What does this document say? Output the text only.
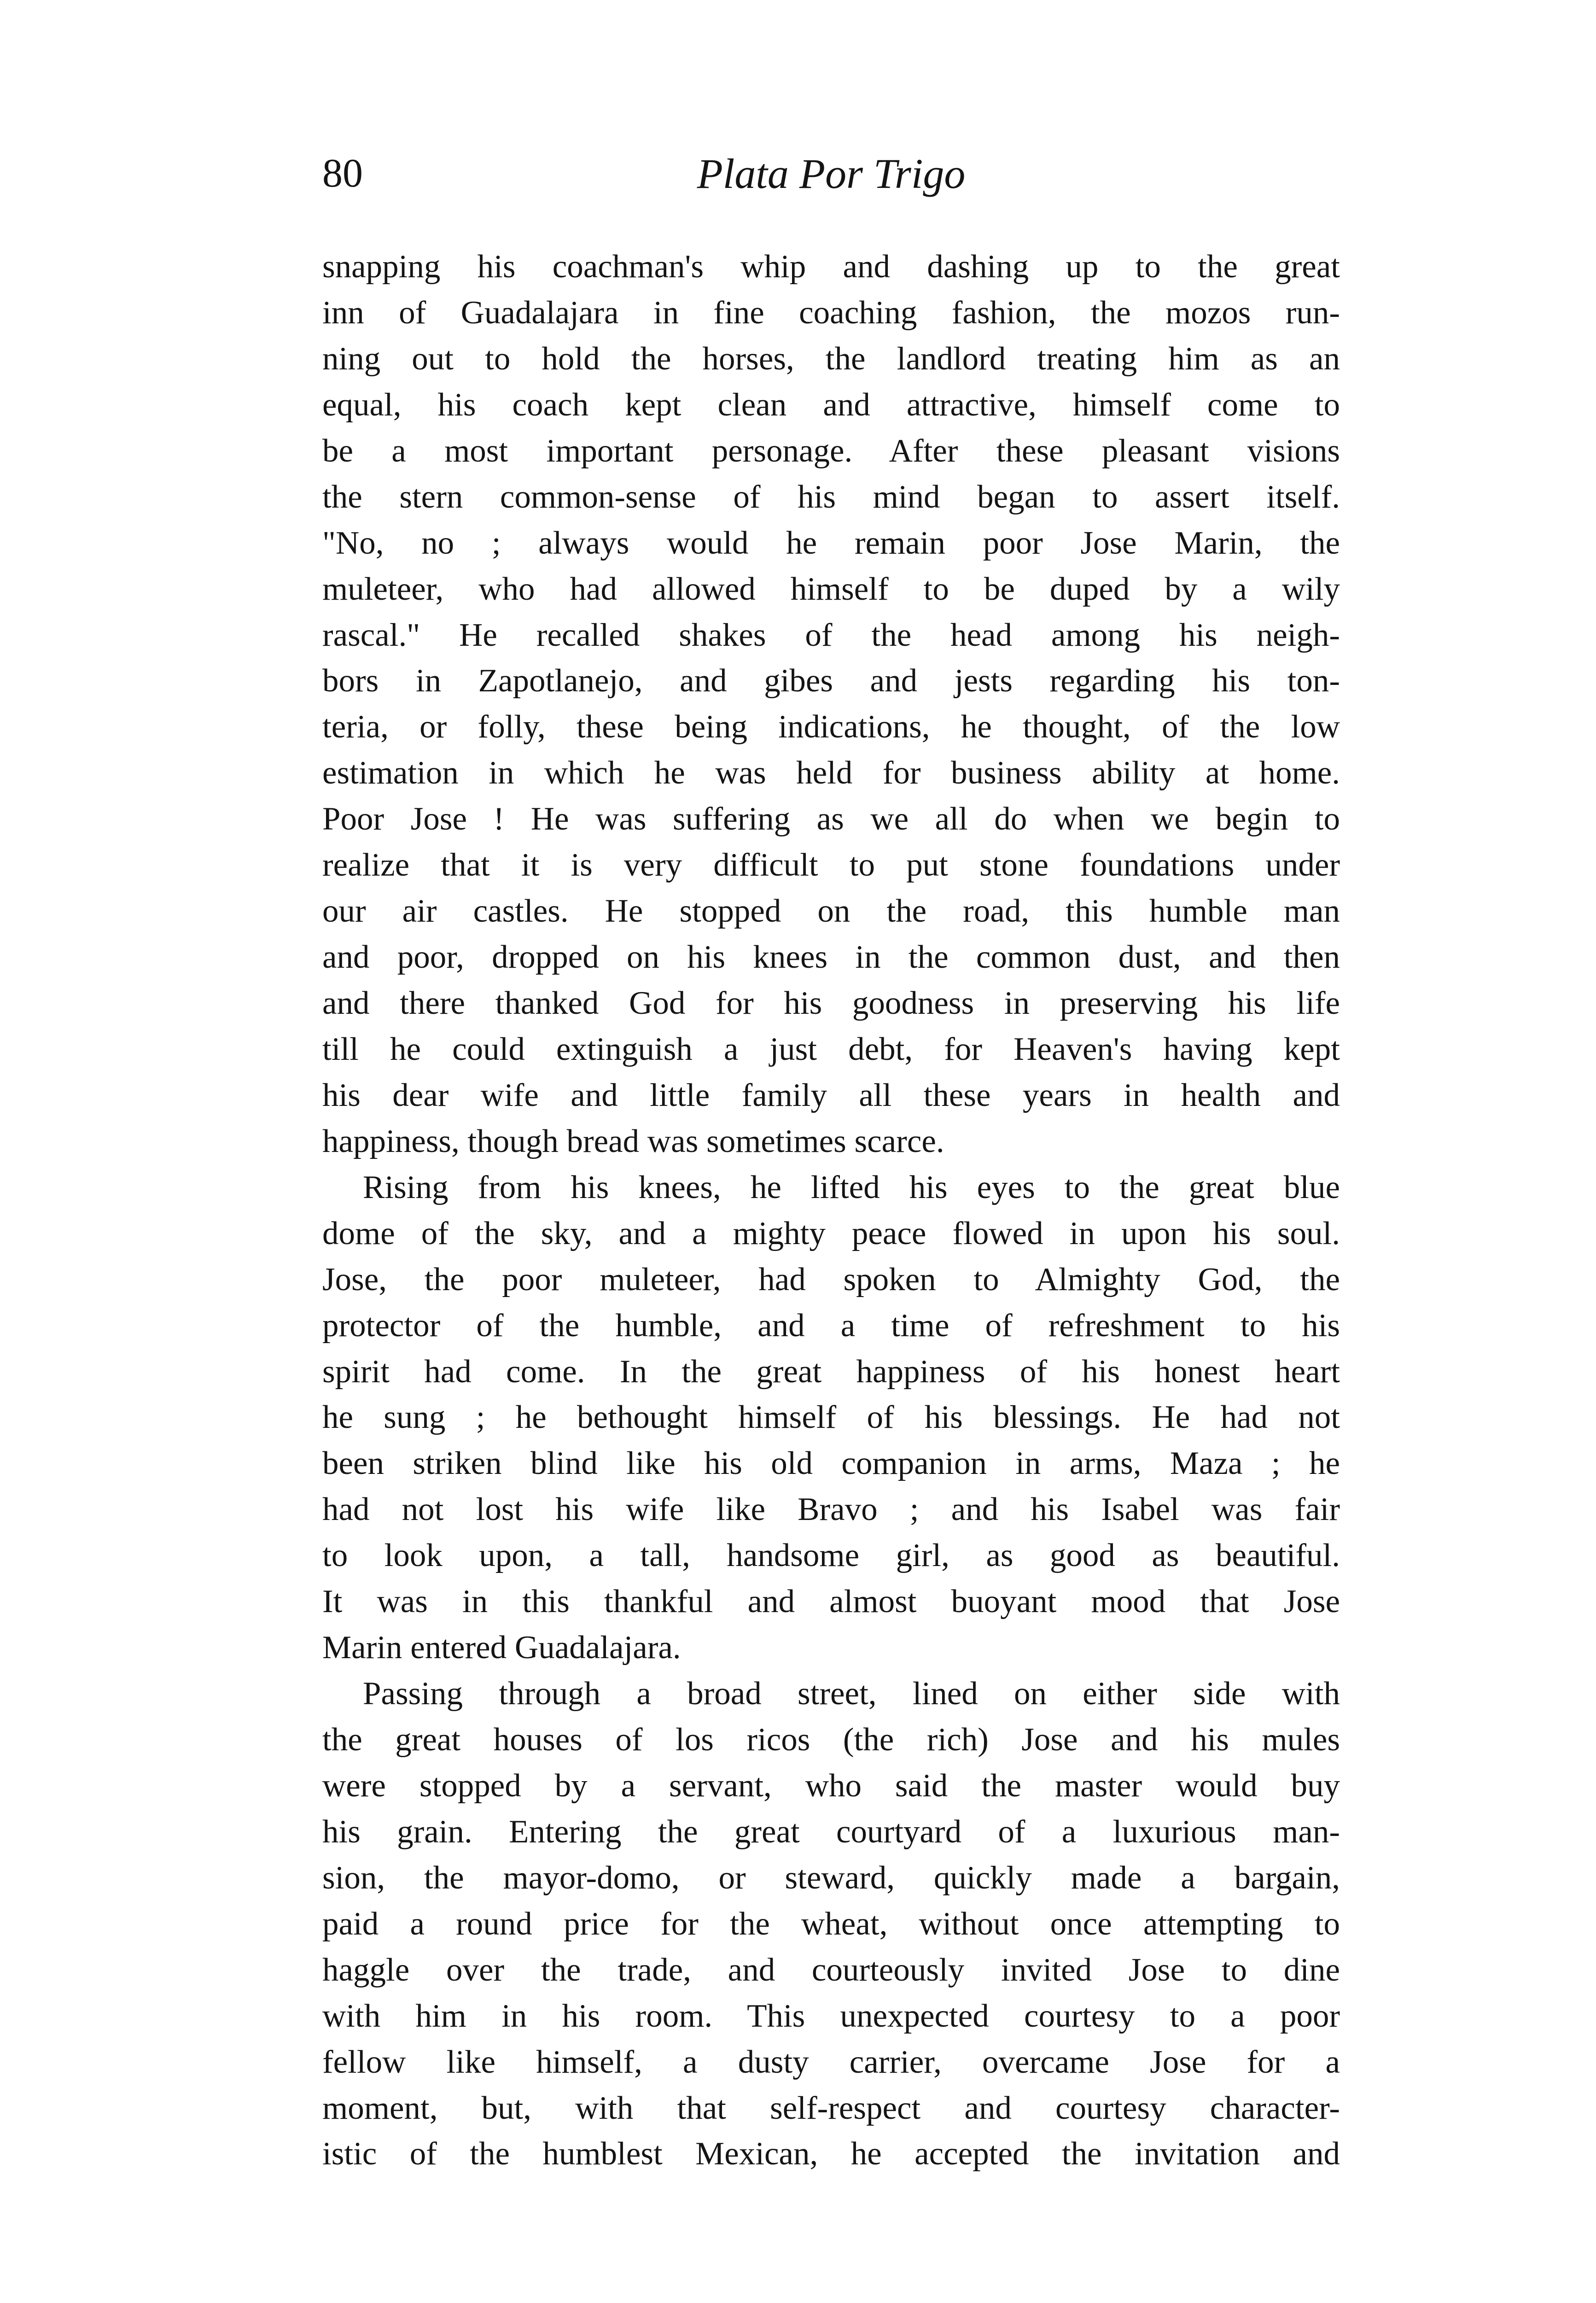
80	Plata Por Trigo
snapping his coachman's whip and dashing up to the great
inn of Guadalajara in fine coaching fashion, the mozos run-
ning out to hold the horses, the landlord treating him as an
equal, his coach kept clean and attractive, himself come to
be a most important personage. After these pleasant visions
the stern common-sense of his mind began to assert itself.
"No, no ; always would he remain poor Jose Marin, the
muleteer, who had allowed himself to be duped by a wily
rascal." He recalled shakes of the head among his neigh-
bors in Zapotlanejo, and gibes and jests regarding his ton-
teria, or folly, these being indications, he thought, of the low
estimation in which he was held for business ability at home.
Poor Jose ! He was suffering as we all do when we begin to
realize that it is very difficult to put stone foundations under
our air castles. He stopped on the road, this humble man
and poor, dropped on his knees in the common dust, and then
and there thanked God for his goodness in preserving his life
till he could extinguish a just debt, for Heaven's having kept
his dear wife and little family all these years in health and
happiness, though bread was sometimes scarce.
Rising from his knees, he lifted his eyes to the great blue
dome of the sky, and a mighty peace flowed in upon his soul.
Jose, the poor muleteer, had spoken to Almighty God, the
protector of the humble, and a time of refreshment to his
spirit had come. In the great happiness of his honest heart
he sung ; he bethought himself of his blessings. He had not
been striken blind like his old companion in arms, Maza ; he
had not lost his wife like Bravo ; and his Isabel was fair
to look upon, a tall, handsome girl, as good as beautiful.
It was in this thankful and almost buoyant mood that Jose
Marin entered Guadalajara.
Passing through a broad street, lined on either side with
the great houses of los ricos (the rich) Jose and his mules
were stopped by a servant, who said the master would buy
his grain. Entering the great courtyard of a luxurious man-
sion, the mayor-domo, or steward, quickly made a bargain,
paid a round price for the wheat, without once attempting to
haggle over the trade, and courteously invited Jose to dine
with him in his room. This unexpected courtesy to a poor
fellow like himself, a dusty carrier, overcame Jose for a
moment, but, with that self-respect and courtesy character-
istic of the humblest Mexican, he accepted the invitation and
